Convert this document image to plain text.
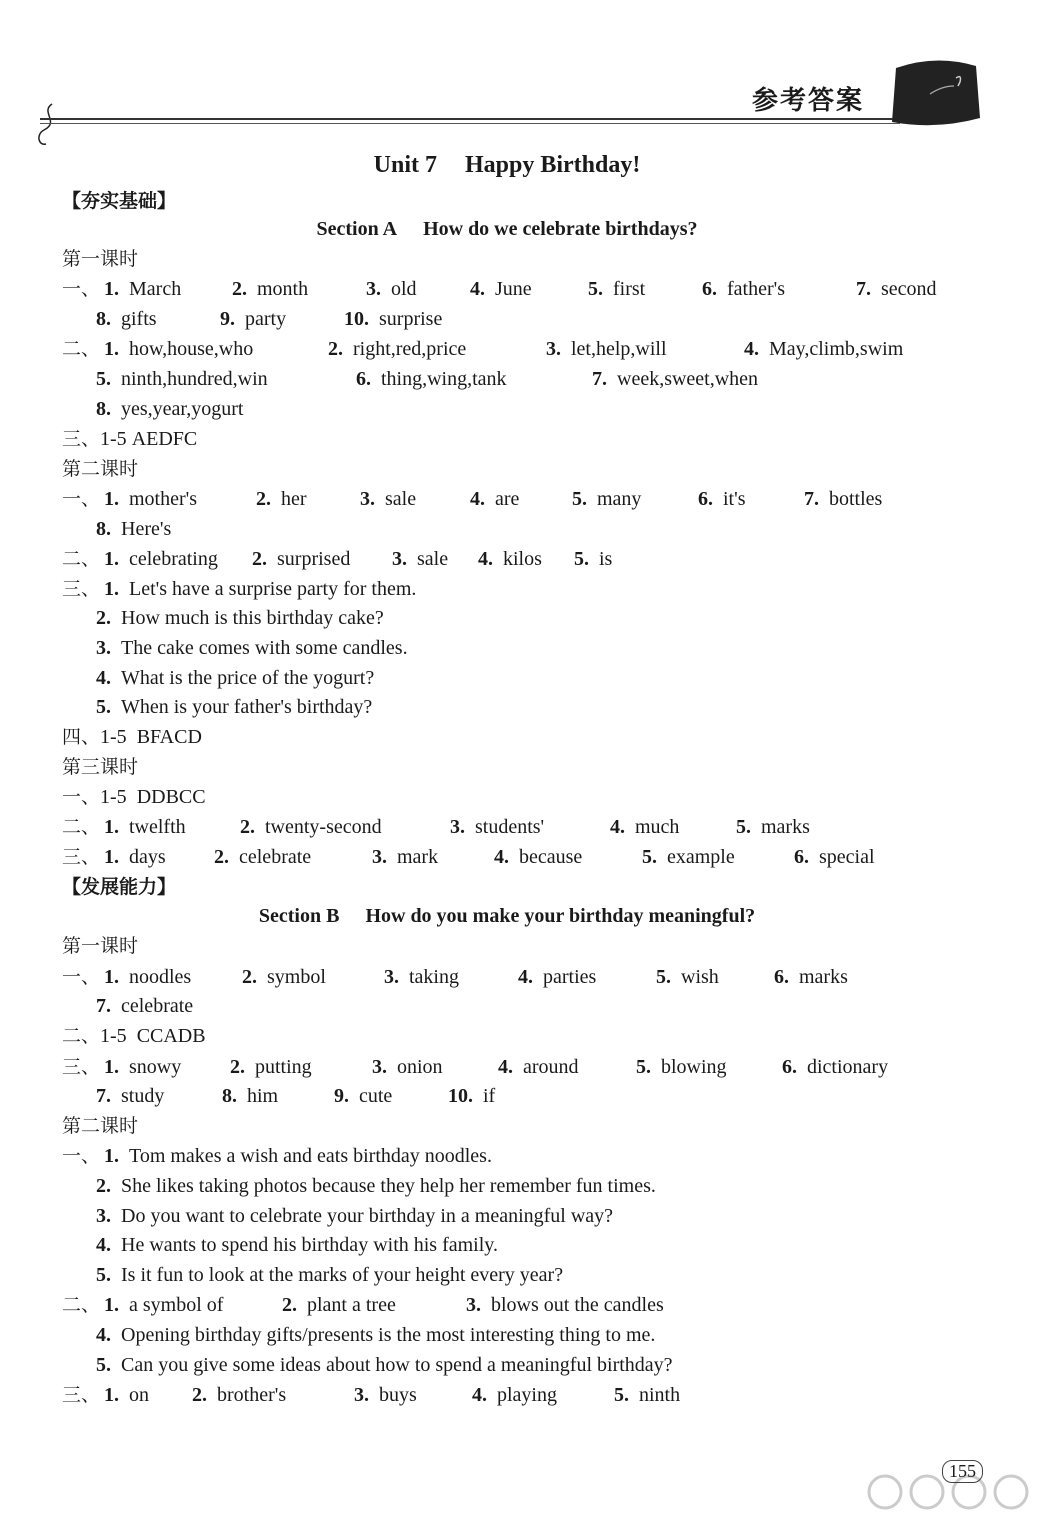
参考答案
Unit 7 Happy Birthday!
【夯实基础】
Section A How do we celebrate birthdays?
第一课时
一、 1. March	2. month	3. old	4. June	5. first	6. father's	7. second
8. gifts	9. party	10. surprise
二、 1. how,house,who	2. right,red,price	3. let,help,will	4. May,climb,swim
5. ninth,hundred,win	6. thing,wing,tank	7. week,sweet,when
8. yes,year,yogurt
三、1-5 AEDFC
第二课时
一、 1. mother's	2. her	3. sale	4. are	5. many	6. it's	7. bottles
8. Here's
二、 1. celebrating 2. surprised 3. sale 4. kilos 5. is
三、 1. Let's have a surprise party for them.
2. How much is this birthday cake?
3. The cake comes with some candles.
4. What is the price of the yogurt?
5. When is your father's birthday?
四、1-5 BFACD
第三课时
一、1-5 DDBCC
二、 1. twelfth	2. twenty-second	3. students'	4. much	5. marks
三、 1. days 2. celebrate	3. mark	4. because	5. example	6. special
【发展能力】
Section B How do you make your birthday meaningful?
第一课时
一、 1. noodles	2. symbol	3. taking	4. parties	5. wish	6. marks
7. celebrate
二、1-5 CCADB
三、 1. snowy 2. putting	3. onion	4. around	5. blowing	6. dictionary
7. study	8. him	9. cute	10. if
第二课时
一、 1. Tom makes a wish and eats birthday noodles.
2. She likes taking photos because they help her remember fun times.
3. Do you want to celebrate your birthday in a meaningful way?
4. He wants to spend his birthday with his family.
5. Is it fun to look at the marks of your height every year?
二、 1. a symbol of	2. plant a tree	3. blows out the candles
4. Opening birthday gifts/presents is the most interesting thing to me.
5. Can you give some ideas about how to spend a meaningful birthday?
三、 1. on 2. brother's	3. buys	4. playing	5. ninth
155
